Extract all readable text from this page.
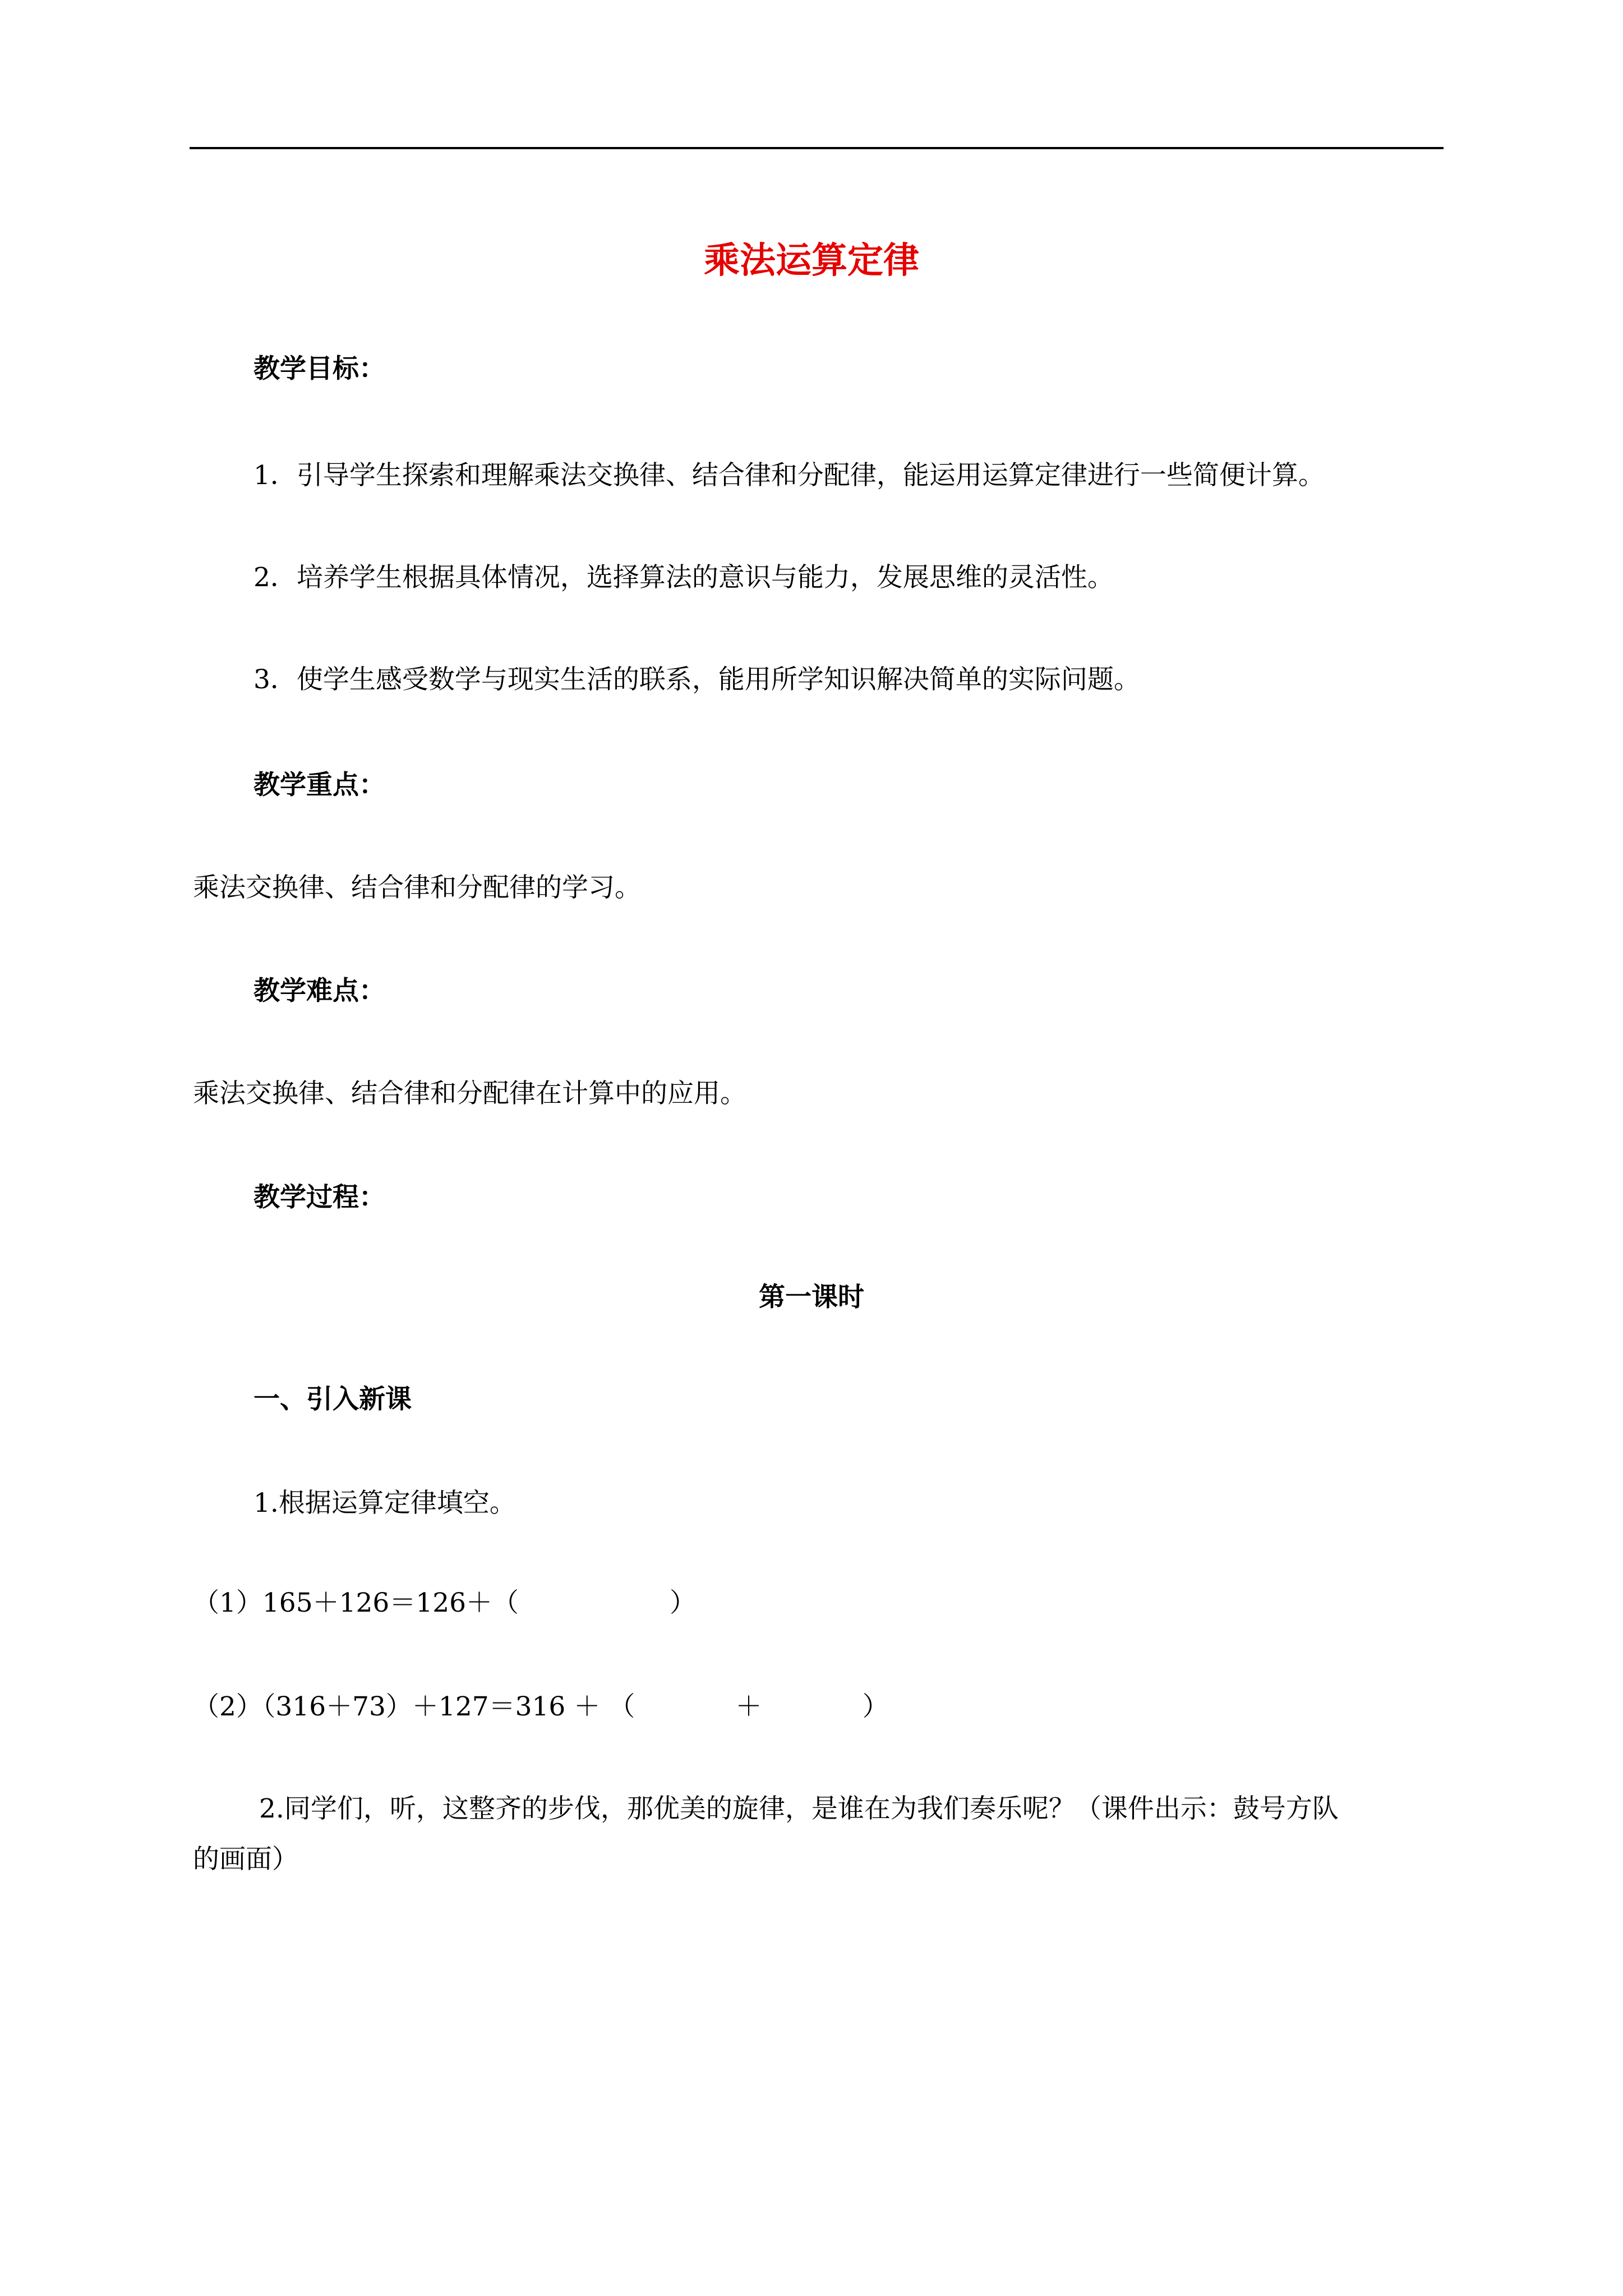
乘法运算定律
教学目标：
1．引导学生探索和理解乘法交换律、结合律和分配律，能运用运算定律进行一些简便计算。
2．培养学生根据具体情况，选择算法的意识与能力，发展思维的灵活性。
3．使学生感受数学与现实生活的联系，能用所学知识解决简单的实际问题。
教学重点：
乘法交换律、结合律和分配律的学习。
教学难点：
乘法交换律、结合律和分配律在计算中的应用。
教学过程：
第一课时
一、引入新课
1.根据运算定律填空。
（1）165＋126＝126＋（                  ）
（2）（316＋73）＋127＝316 ＋ （            ＋            ）
2.同学们，听，这整齐的步伐，那优美的旋律，是谁在为我们奏乐呢？（课件出示：鼓号方队
的画面）
